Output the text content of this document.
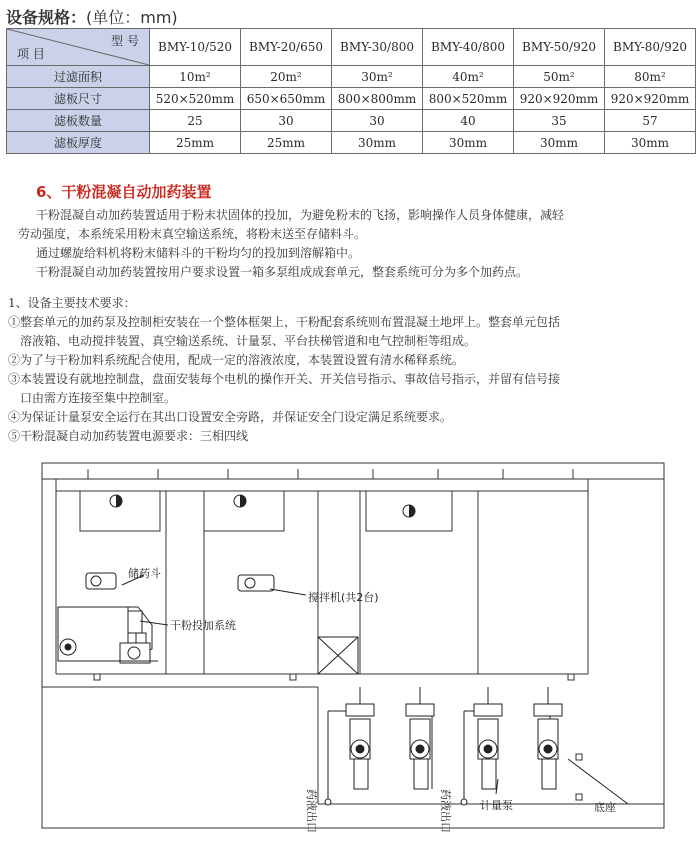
设备规格：(单位：mm)
型 号
项 目	BMY-10/520	BMY-20/650	BMY-30/800	BMY-40/800	BMY-50/920	BMY-80/920
过滤面积	10m²	20m²	30m²	40m²	50m²	80m²
滤板尺寸	520×520mm	650×650mm	800×800mm	800×520mm	920×920mm	920×920mm
滤板数量	25	30	30	40	35	57
滤板厚度	25mm	25mm	30mm	30mm	30mm	30mm
6、干粉混凝自动加药装置
干粉混凝自动加药装置适用于粉末状固体的投加，为避免粉末的飞扬，影响操作人员身体健康，减轻
劳动强度，本系统采用粉末真空输送系统，将粉末送至存储料斗。
通过螺旋给料机将粉末储料斗的干粉均匀的投加到溶解箱中。
干粉混凝自动加药装置按用户要求设置一箱多泵组成成套单元，整套系统可分为多个加药点。
1、设备主要技术要求：
①整套单元的加药泵及控制柜安装在一个整体框架上，干粉配套系统则布置混凝土地坪上。整套单元包括
溶液箱、电动搅拌装置、真空输送系统、计量泵、平台扶梯管道和电气控制柜等组成。
②为了与干粉加料系统配合使用，配成一定的溶液浓度，本装置设置有清水稀释系统。
③本装置设有就地控制盘，盘面安装每个电机的操作开关、开关信号指示、事故信号指示，并留有信号接
口由需方连接至集中控制室。
④为保证计量泵安全运行在其出口设置安全旁路，并保证安全门设定满足系统要求。
⑤干粉混凝自动加药装置电源要求：三相四线
储药斗
干粉投加系统
搅拌机(共2台)
药液出口	药液出口	计量泵	底座
